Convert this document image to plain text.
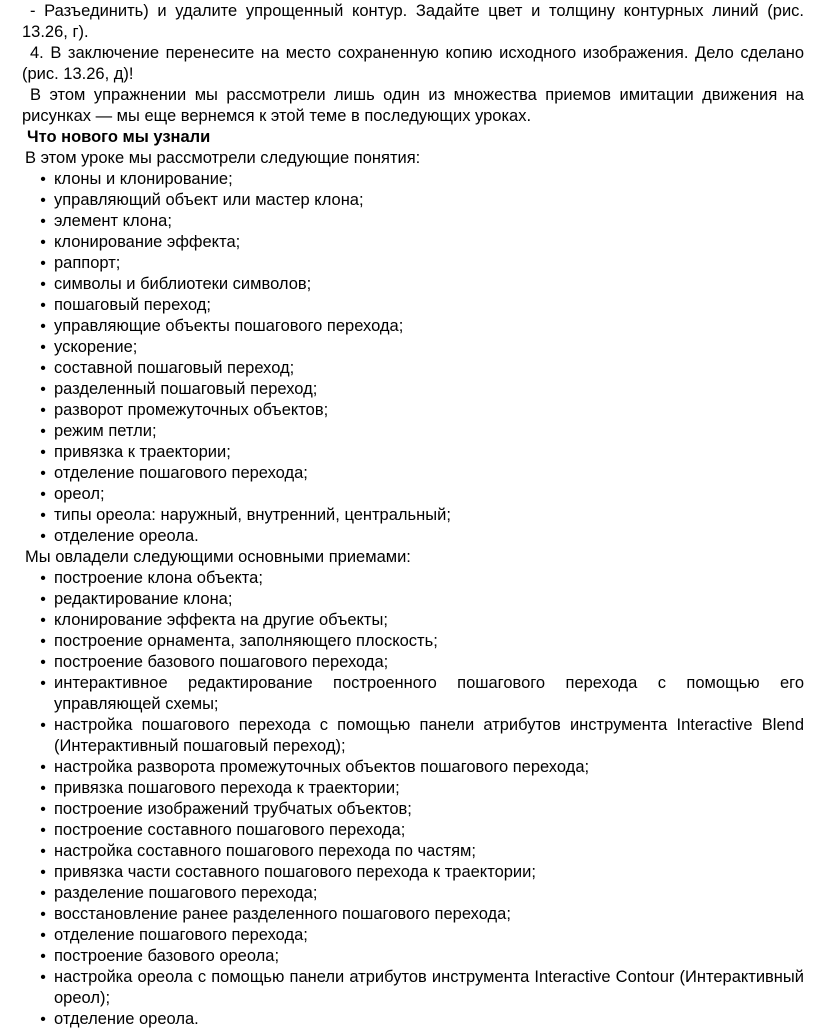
- Разъединить) и удалите упрощенный контур. Задайте цвет и толщину контурных линий (рис. 13.26, г).

4. В заключение перенесите на место сохраненную копию исходного изображения. Дело сделано (рис. 13.26, д)!

В этом упражнении мы рассмотрели лишь один из множества приемов имитации движения на рисунках — мы еще вернемся к этой теме в последующих уроках.

Что нового мы узнали

В этом уроке мы рассмотрели следующие понятия:

• клоны и клонирование;
• управляющий объект или мастер клона;
• элемент клона;
• клонирование эффекта;
• раппорт;
• символы и библиотеки символов;
• пошаговый переход;
• управляющие объекты пошагового перехода;
• ускорение;
• составной пошаговый переход;
• разделенный пошаговый переход;
• разворот промежуточных объектов;
• режим петли;
• привязка к траектории;
• отделение пошагового перехода;
• ореол;
• типы ореола: наружный, внутренний, центральный;
• отделение ореола.

Мы овладели следующими основными приемами:

• построение клона объекта;
• редактирование клона;
• клонирование эффекта на другие объекты;
• построение орнамента, заполняющего плоскость;
• построение базового пошагового перехода;
• интерактивное редактирование построенного пошагового перехода с помощью его управляющей схемы;
• настройка пошагового перехода с помощью панели атрибутов инструмента Interactive Blend (Интерактивный пошаговый переход);
• настройка разворота промежуточных объектов пошагового перехода;
• привязка пошагового перехода к траектории;
• построение изображений трубчатых объектов;
• построение составного пошагового перехода;
• настройка составного пошагового перехода по частям;
• привязка части составного пошагового перехода к траектории;
• разделение пошагового перехода;
• восстановление ранее разделенного пошагового перехода;
• отделение пошагового перехода;
• построение базового ореола;
• настройка ореола с помощью панели атрибутов инструмента Interactive Contour (Интерактивный ореол);
• отделение ореола.
